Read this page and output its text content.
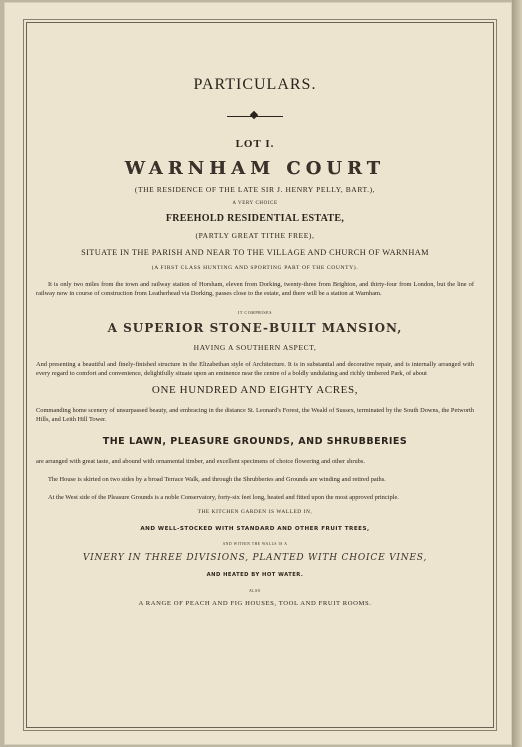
PARTICULARS.
LOT I.
WARNHAM COURT
(THE RESIDENCE OF THE LATE SIR J. HENRY PELLY, BART.),
A VERY CHOICE
FREEHOLD RESIDENTIAL ESTATE,
(PARTLY GREAT TITHE FREE),
SITUATE IN THE PARISH AND NEAR TO THE VILLAGE AND CHURCH OF WARNHAM
(A FIRST CLASS HUNTING AND SPORTING PART OF THE COUNTY).
It is only two miles from the town and railway station of Horsham, eleven from Dorking, twenty-three from Brighton, and thirty-four from London, but the line of railway now in course of construction from Leatherhead via Dorking, passes close to the estate, and there will be a station at Warnham.
IT COMPRISES
A SUPERIOR STONE-BUILT MANSION,
HAVING A SOUTHERN ASPECT,
And presenting a beautiful and finely-finished structure in the Elizabethan style of Architecture. It is in substantial and decorative repair, and is internally arranged with every regard to comfort and convenience, delightfully situate upon an eminence near the centre of a boldly undulating and richly timbered Park, of about
ONE HUNDRED AND EIGHTY ACRES,
Commanding home scenery of unsurpassed beauty, and embracing in the distance St. Leonard's Forest, the Weald of Sussex, terminated by the South Downs, the Petworth Hills, and Leith Hill Tower.
THE LAWN, PLEASURE GROUNDS, AND SHRUBBERIES
are arranged with great taste, and abound with ornamental timber, and excellent specimens of choice flowering and other shrubs.
The House is skirted on two sides by a broad Terrace Walk, and through the Shrubberies and Grounds are winding and retired paths.
At the West side of the Pleasure Grounds is a noble Conservatory, forty-six feet long, heated and fitted upon the most approved principle.
THE KITCHEN GARDEN IS WALLED IN,
AND WELL-STOCKED WITH STANDARD AND OTHER FRUIT TREES,
AND WITHIN THE WALLS IS A
VINERY IN THREE DIVISIONS, PLANTED WITH CHOICE VINES,
AND HEATED BY HOT WATER.
ALSO
A RANGE OF PEACH AND FIG HOUSES, TOOL AND FRUIT ROOMS.
